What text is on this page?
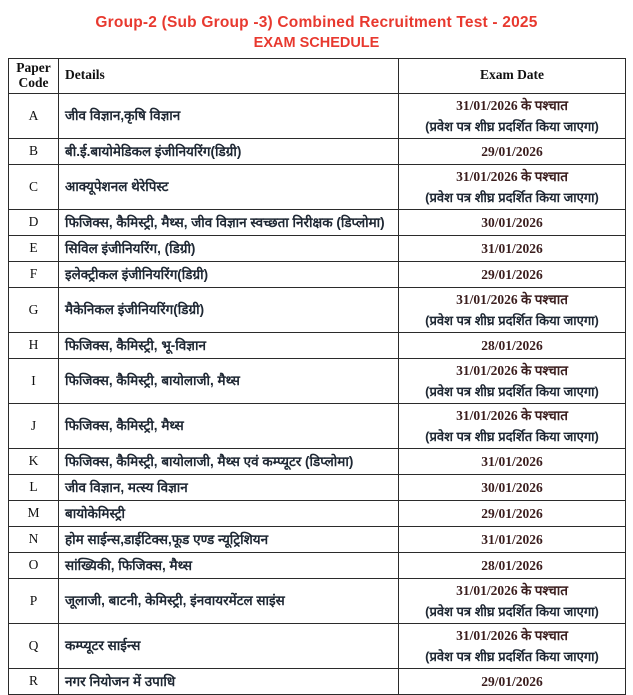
Group-2 (Sub Group -3) Combined Recruitment Test - 2025
EXAM SCHEDULE
Paper Code	Details	Exam Date
A	जीव विज्ञान,कृषि विज्ञान	31/01/2026 के पश्चात
(प्रवेश पत्र शीघ्र प्रदर्शित किया जाएगा)

B	बी.ई.बायोमेडिकल इंजीनियरिंग(डिग्री)	29/01/2026

C	आक्यूपेशनल थेरेपिस्ट	31/01/2026 के पश्चात
(प्रवेश पत्र शीघ्र प्रदर्शित किया जाएगा)

D	फिजिक्स, कैमिस्ट्री, मैथ्स, जीव विज्ञान स्वच्छता निरीक्षक (डिप्लोमा)	30/01/2026

E	सिविल इंजीनियरिंग, (डिग्री)	31/01/2026

F	इलेक्ट्रीकल इंजीनियरिंग(डिग्री)	29/01/2026

G	मैकेनिकल इंजीनियरिंग(डिग्री)	31/01/2026 के पश्चात
(प्रवेश पत्र शीघ्र प्रदर्शित किया जाएगा)

H	फिजिक्स, कैमिस्ट्री, भू-विज्ञान	28/01/2026

I	फिजिक्स, कैमिस्ट्री, बायोलाजी, मैथ्स	31/01/2026 के पश्चात
(प्रवेश पत्र शीघ्र प्रदर्शित किया जाएगा)

J	फिजिक्स, कैमिस्ट्री, मैथ्स	31/01/2026 के पश्चात
(प्रवेश पत्र शीघ्र प्रदर्शित किया जाएगा)

K	फिजिक्स, कैमिस्ट्री, बायोलाजी, मैथ्स एवं कम्प्यूटर (डिप्लोमा)	31/01/2026

L	जीव विज्ञान, मत्स्य विज्ञान	30/01/2026

M	बायोकेमिस्ट्री	29/01/2026

N	होम साईन्स,डाईटिक्स,फूड एण्ड न्यूट्रिशियन	31/01/2026

O	सांख्यिकी, फिजिक्स, मैथ्स	28/01/2026

P	जूलाजी, बाटनी, केमिस्ट्री, इंनवायरमेंटल साइंस	31/01/2026 के पश्चात
(प्रवेश पत्र शीघ्र प्रदर्शित किया जाएगा)

Q	कम्प्यूटर साईन्स	31/01/2026 के पश्चात
(प्रवेश पत्र शीघ्र प्रदर्शित किया जाएगा)

R	नगर नियोजन में उपाधि	29/01/2026
